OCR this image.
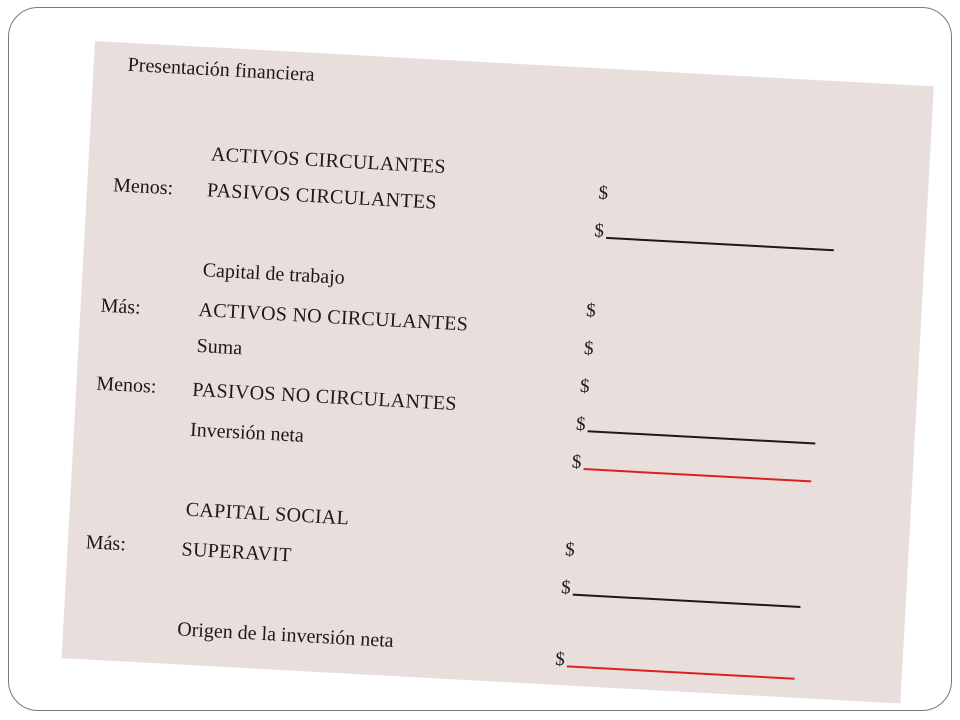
Presentación financiera
ACTIVOS CIRCULANTES
Menos: PASIVOS CIRCULANTES
Capital de trabajo
Más:	ACTIVOS NO CIRCULANTES
Suma
Menos: PASIVOS NO CIRCULANTES
Inversión neta
CAPITAL SOCIAL
Más:	SUPERAVIT
Origen de la inversión neta
$
$
$
$
$
$
$
$
$
$
